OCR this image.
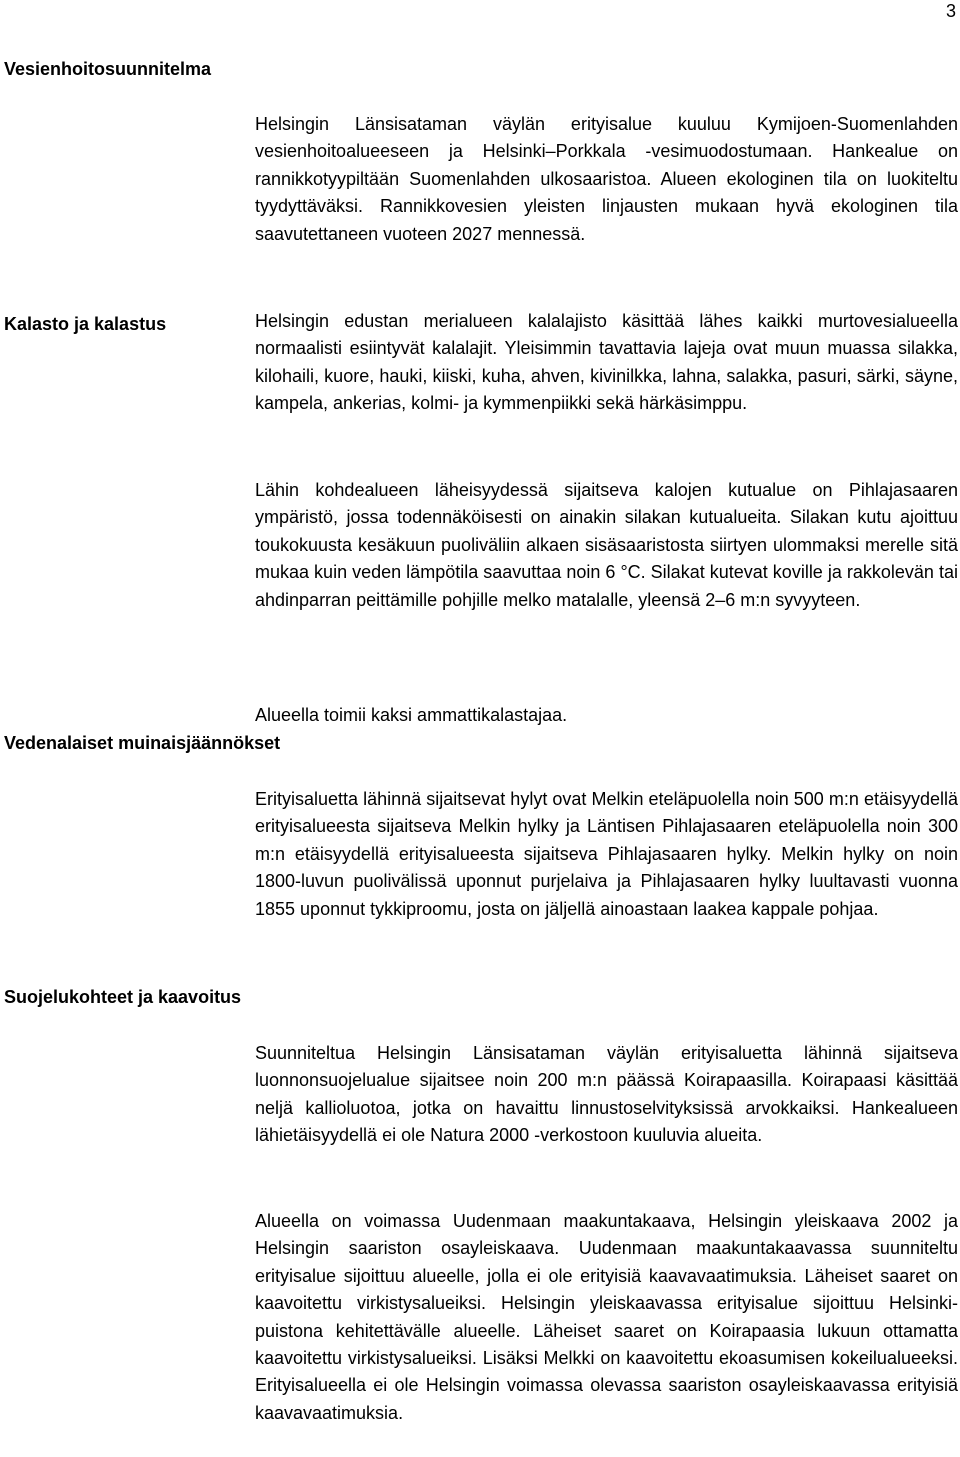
3
Vesienhoitosuunnitelma

Helsingin Länsisataman väylän erityisalue kuuluu Kymijoen-Suomenlahden vesienhoitoalueeseen ja Helsinki–Porkkala -vesimuodostumaan. Hankealue on rannikkotyypiltään Suomenlahden ulkosaaristoa. Alueen ekologinen tila on luokiteltu tyydyttäväksi. Rannikkovesien yleisten linjausten mukaan hyvä ekologinen tila saavutettaneen vuoteen 2027 mennessä.

Kalasto ja kalastus	Helsingin edustan merialueen kalalajisto käsittää lähes kaikki murtovesialueella normaalisti esiintyvät kalalajit. Yleisimmin tavattavia lajeja ovat muun muassa silakka, kilohaili, kuore, hauki, kiiski, kuha, ahven, kivinilkka, lahna, salakka, pasuri, särki, säyne, kampela, ankerias, kolmi- ja kymmenpiikki sekä härkäsimppu.

Lähin kohdealueen läheisyydessä sijaitseva kalojen kutualue on Pihlajasaaren ympäristö, jossa todennäköisesti on ainakin silakan kutualueita. Silakan kutu ajoittuu toukokuusta kesäkuun puoliväliin alkaen sisäsaaristosta siirtyen ulommaksi merelle sitä mukaa kuin veden lämpötila saavuttaa noin 6 °C. Silakat kutevat koville ja rakkolevän tai ahdinparran peittämille pohjille melko matalalle, yleensä 2–6 m:n syvyyteen.

Alueella toimii kaksi ammattikalastajaa.

Vedenalaiset muinaisjäännökset

Erityisaluetta lähinnä sijaitsevat hylyt ovat Melkin eteläpuolella noin 500 m:n etäisyydellä erityisalueesta sijaitseva Melkin hylky ja Läntisen Pihlajasaaren eteläpuolella noin 300 m:n etäisyydellä erityisalueesta sijaitseva Pihlajasaaren hylky. Melkin hylky on noin 1800-luvun puolivälissä uponnut purjelaiva ja Pihlajasaaren hylky luultavasti vuonna 1855 uponnut tykkiproomu, josta on jäljellä ainoastaan laakea kappale pohjaa.

Suojelukohteet ja kaavoitus

Suunniteltua Helsingin Länsisataman väylän erityisaluetta lähinnä sijaitseva luonnonsuojelualue sijaitsee noin 200 m:n päässä Koirapaasilla. Koirapaasi käsittää neljä kallioluotoa, jotka on havaittu linnustoselvityksissä arvokkaiksi. Hankealueen lähietäisyydellä ei ole Natura 2000 -verkostoon kuuluvia alueita.

Alueella on voimassa Uudenmaan maakuntakaava, Helsingin yleiskaava 2002 ja Helsingin saariston osayleiskaava. Uudenmaan maakuntakaavassa suunniteltu erityisalue sijoittuu alueelle, jolla ei ole erityisiä kaavavaatimuksia. Läheiset saaret on kaavoitettu virkistysalueiksi. Helsingin yleiskaavassa erityisalue sijoittuu Helsinki-puistona kehitettävälle alueelle. Läheiset saaret on Koirapaasia lukuun ottamatta kaavoitettu virkistysalueiksi. Lisäksi Melkki on kaavoitettu ekoasumisen kokeilualueeksi. Erityisalueella ei ole Helsingin voimassa olevassa saariston osayleiskaavassa erityisiä kaavavaatimuksia.
